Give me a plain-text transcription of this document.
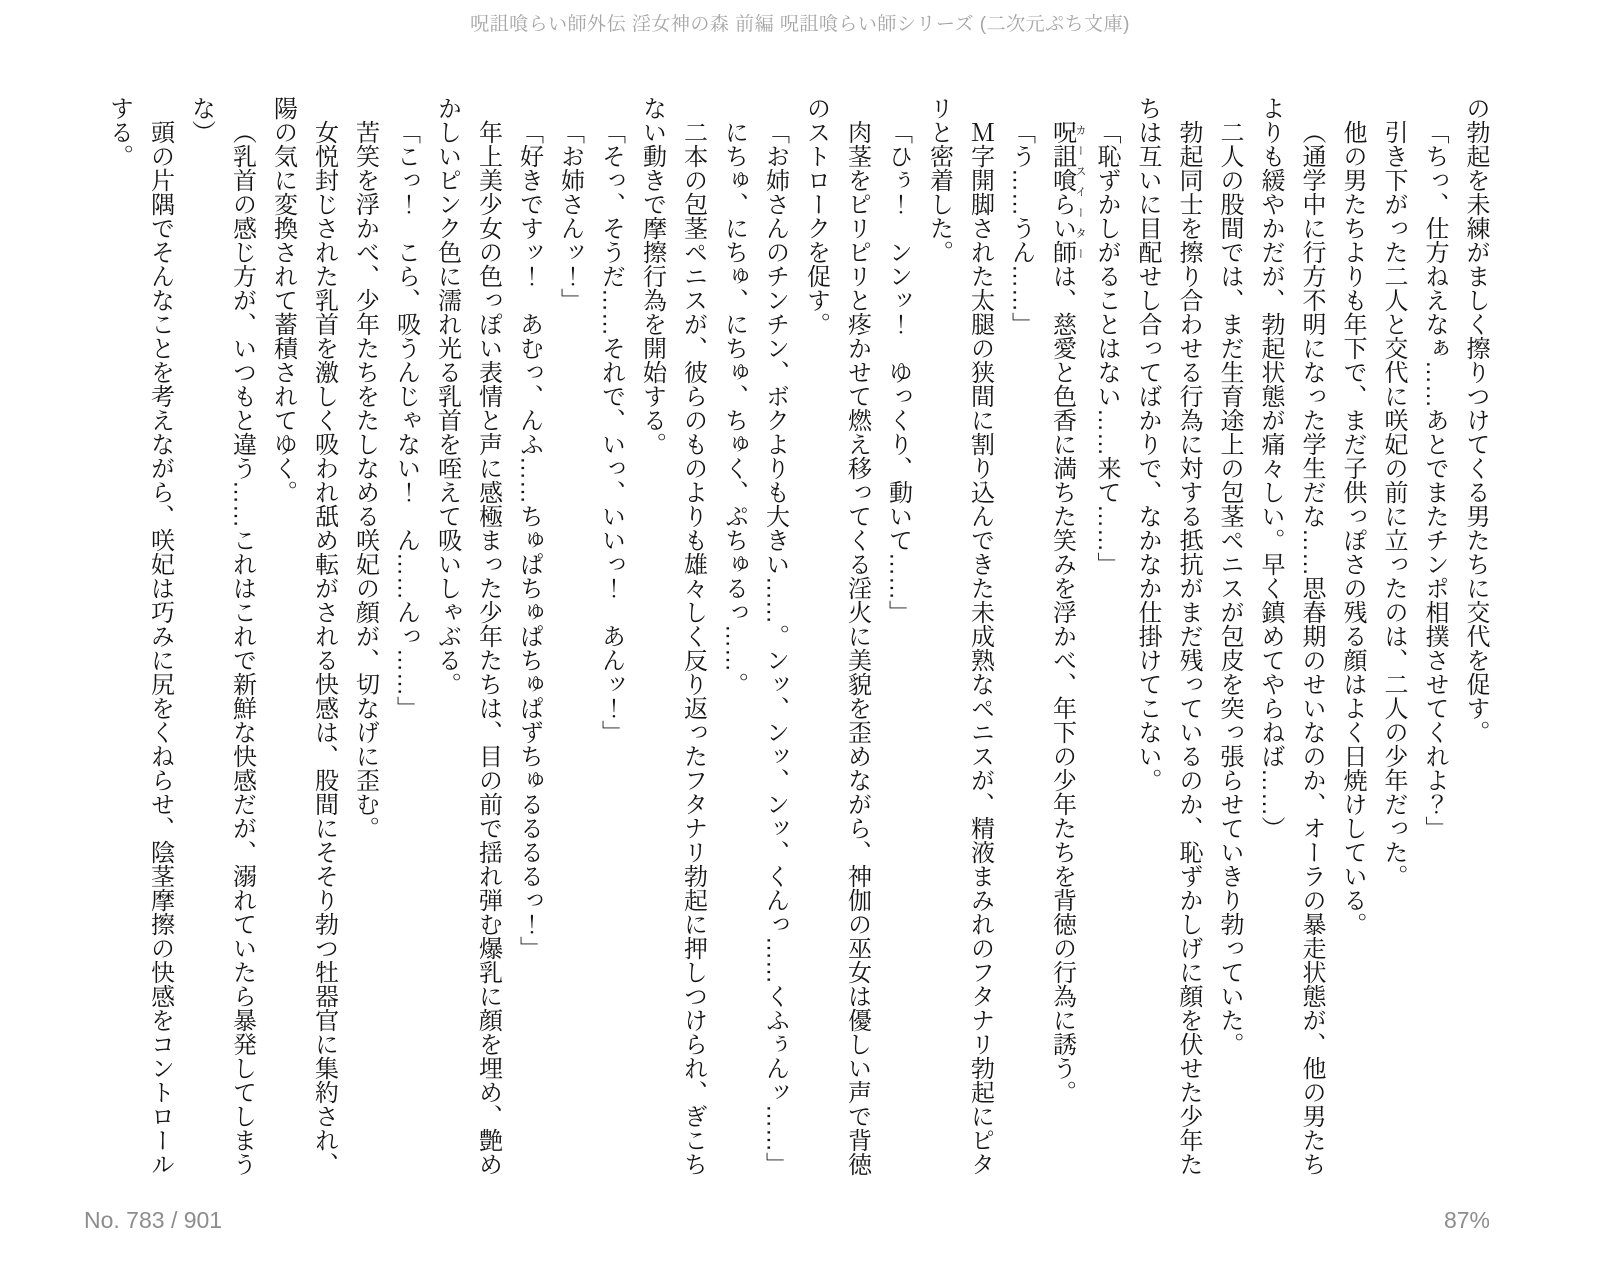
呪詛喰らい師外伝 淫女神の森 前編 呪詛喰らい師シリーズ (二次元ぷち文庫)

の勃起を未練がましく擦りつけてくる男たちに交代を促す。

「ちっ、仕方ねえなぁ……あとでまたチンポ相撲させてくれよ？」

引き下がった二人と交代に咲妃の前に立ったのは、二人の少年だった。

他の男たちよりも年下で、まだ子供っぽさの残る顔はよく日焼けしている。

（通学中に行方不明になった学生だな……思春期のせいなのか、オーラの暴走状態が、他の男たちよりも緩やかだが、勃起状態が痛々しい。早く鎮めてやらねば……）

二人の股間では、まだ生育途上の包茎ペニスが包皮を突っ張らせていきり勃っていた。

勃起同士を擦り合わせる行為に対する抵抗がまだ残っているのか、恥ずかしげに顔を伏せた少年たちは互いに目配せし合ってばかりで、なかなか仕掛けてこない。

「恥ずかしがることはない……来て……」

呪詛喰らい師カースイーターは、慈愛と色香に満ちた笑みを浮かべ、年下の少年たちを背徳の行為に誘う。

「う……うん……」

Ｍ字開脚された太腿の狭間に割り込んできた未成熟なペニスが、精液まみれのフタナリ勃起にピタリと密着した。

「ひぅ！　ンンッ！　ゆっくり、動いて……」

肉茎をピリピリと疼かせて燃え移ってくる淫火に美貌を歪めながら、神伽の巫女は優しい声で背徳のストロークを促す。

「お姉さんのチンチン、ボクよりも大きい……。ンッ、ンッ、ンッ、くんっ……くふぅんッ……」

にちゅ、にちゅ、にちゅ、ちゅく、ぷちゅるっ……。

二本の包茎ペニスが、彼らのものよりも雄々しく反り返ったフタナリ勃起に押しつけられ、ぎこちない動きで摩擦行為を開始する。

「そっ、そうだ……それで、いっ、いいっ！　あんッ！」

「お姉さんッ！」

「好きですッ！　あむっ、んふ……ちゅぱちゅぱちゅぱずちゅるるるるっ！」

年上美少女の色っぽい表情と声に感極まった少年たちは、目の前で揺れ弾む爆乳に顔を埋め、艶めかしいピンク色に濡れ光る乳首を咥えて吸いしゃぶる。

「こっ！　こら、吸うんじゃない！　ん……んっ……」

苦笑を浮かべ、少年たちをたしなめる咲妃の顔が、切なげに歪む。

女悦封じされた乳首を激しく吸われ舐め転がされる快感は、股間にそそり勃つ牡器官に集約され、陽の気に変換されて蓄積されてゆく。

（乳首の感じ方が、いつもと違う……これはこれで新鮮な快感だが、溺れていたら暴発してしまうな）

頭の片隅でそんなことを考えながら、咲妃は巧みに尻をくねらせ、陰茎摩擦の快感をコントロールする。

No. 783 / 901	87%
